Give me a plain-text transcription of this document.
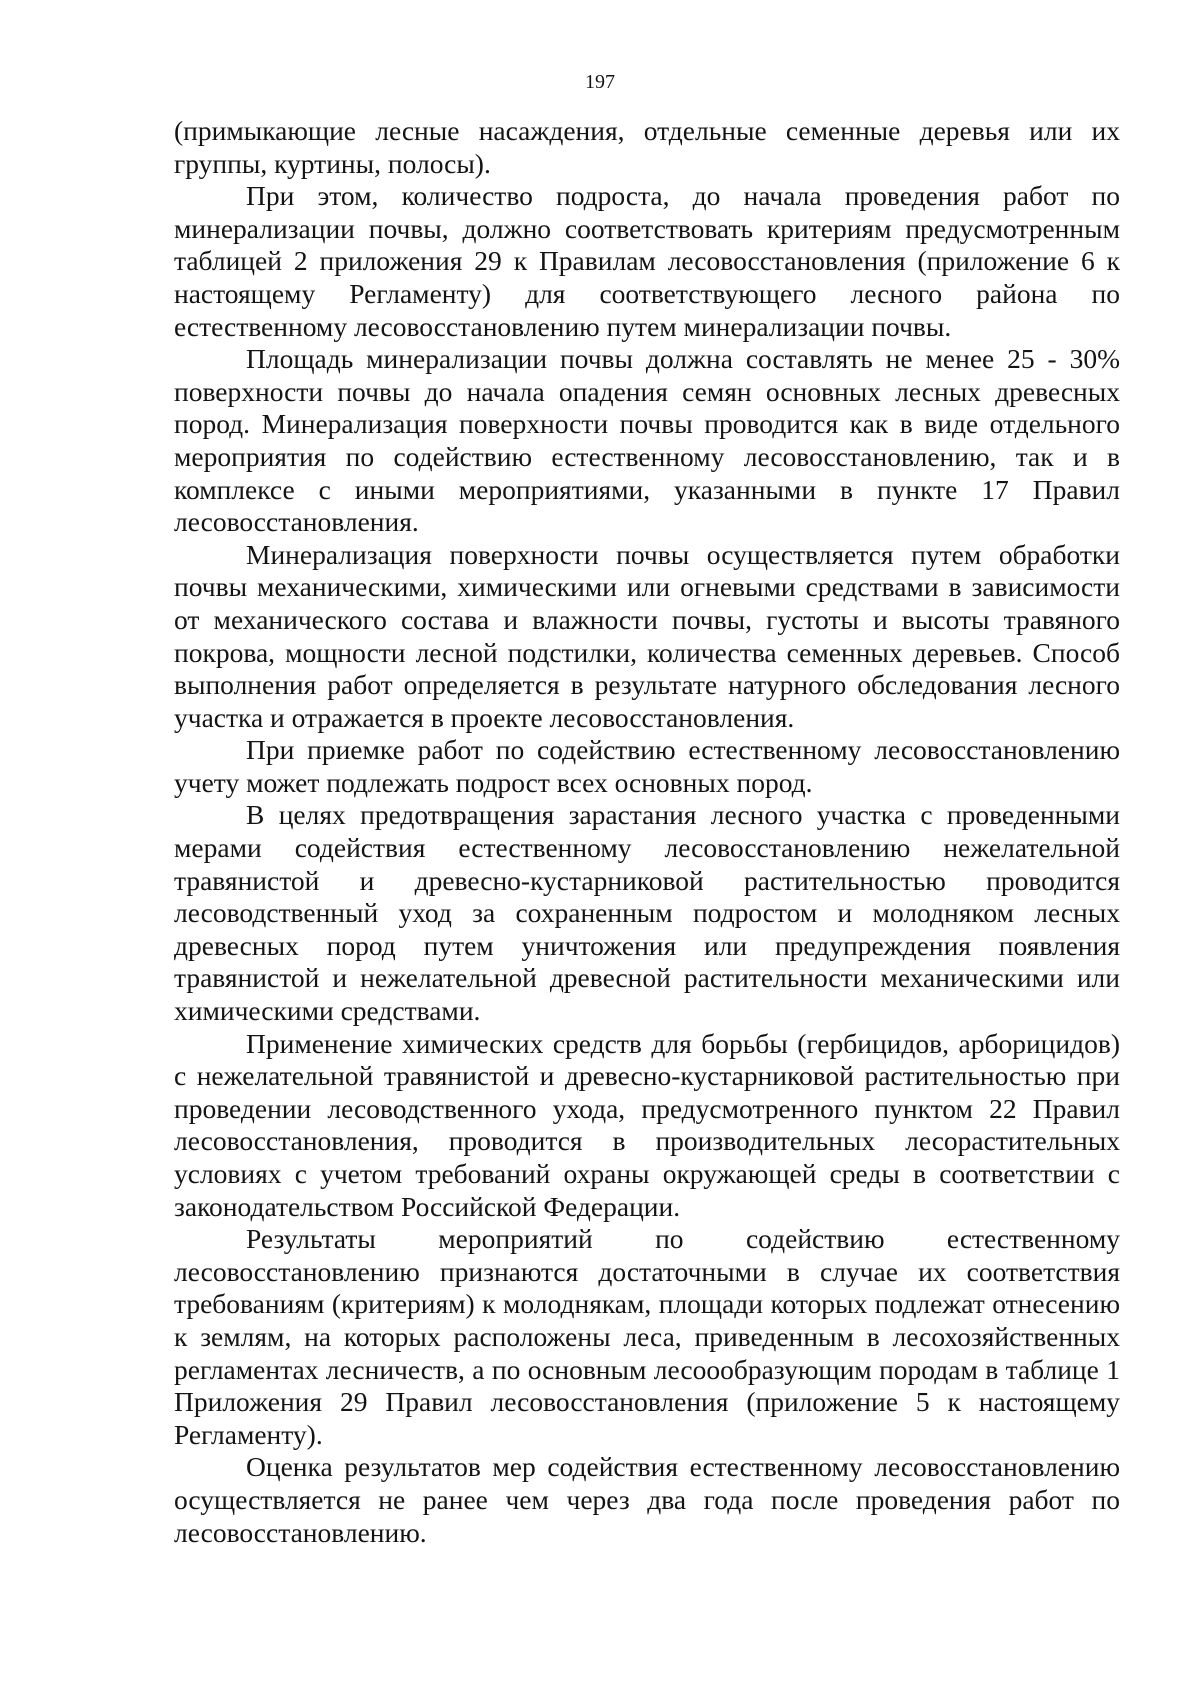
197

(примыкающие лесные насаждения, отдельные семенные деревья или их группы, куртины, полосы).

При этом, количество подроста, до начала проведения работ по минерализации почвы, должно соответствовать критериям предусмотренным таблицей 2 приложения 29 к Правилам лесовосстановления (приложение 6 к настоящему Регламенту) для соответствующего лесного района по естественному лесовосстановлению путем минерализации почвы.

Площадь минерализации почвы должна составлять не менее 25 - 30% поверхности почвы до начала опадения семян основных лесных древесных пород. Минерализация поверхности почвы проводится как в виде отдельного мероприятия по содействию естественному лесовосстановлению, так и в комплексе с иными мероприятиями, указанными в пункте 17 Правил лесовосстановления.

Минерализация поверхности почвы осуществляется путем обработки почвы механическими, химическими или огневыми средствами в зависимости от механического состава и влажности почвы, густоты и высоты травяного покрова, мощности лесной подстилки, количества семенных деревьев. Способ выполнения работ определяется в результате натурного обследования лесного участка и отражается в проекте лесовосстановления.

При приемке работ по содействию естественному лесовосстановлению учету может подлежать подрост всех основных пород.

В целях предотвращения зарастания лесного участка с проведенными мерами содействия естественному лесовосстановлению нежелательной травянистой и древесно-кустарниковой растительностью проводится лесоводственный уход за сохраненным подростом и молодняком лесных древесных пород путем уничтожения или предупреждения появления травянистой и нежелательной древесной растительности механическими или химическими средствами.

Применение химических средств для борьбы (гербицидов, арборицидов) с нежелательной травянистой и древесно-кустарниковой растительностью при проведении лесоводственного ухода, предусмотренного пунктом 22 Правил лесовосстановления, проводится в производительных лесорастительных условиях с учетом требований охраны окружающей среды в соответствии с законодательством Российской Федерации.

Результаты мероприятий по содействию естественному лесовосстановлению признаются достаточными в случае их соответствия требованиям (критериям) к молоднякам, площади которых подлежат отнесению к землям, на которых расположены леса, приведенным в лесохозяйственных регламентах лесничеств, а по основным лесоообразующим породам в таблице 1 Приложения 29 Правил лесовосстановления (приложение 5 к настоящему Регламенту).

Оценка результатов мер содействия естественному лесовосстановлению осуществляется не ранее чем через два года после проведения работ по лесовосстановлению.
